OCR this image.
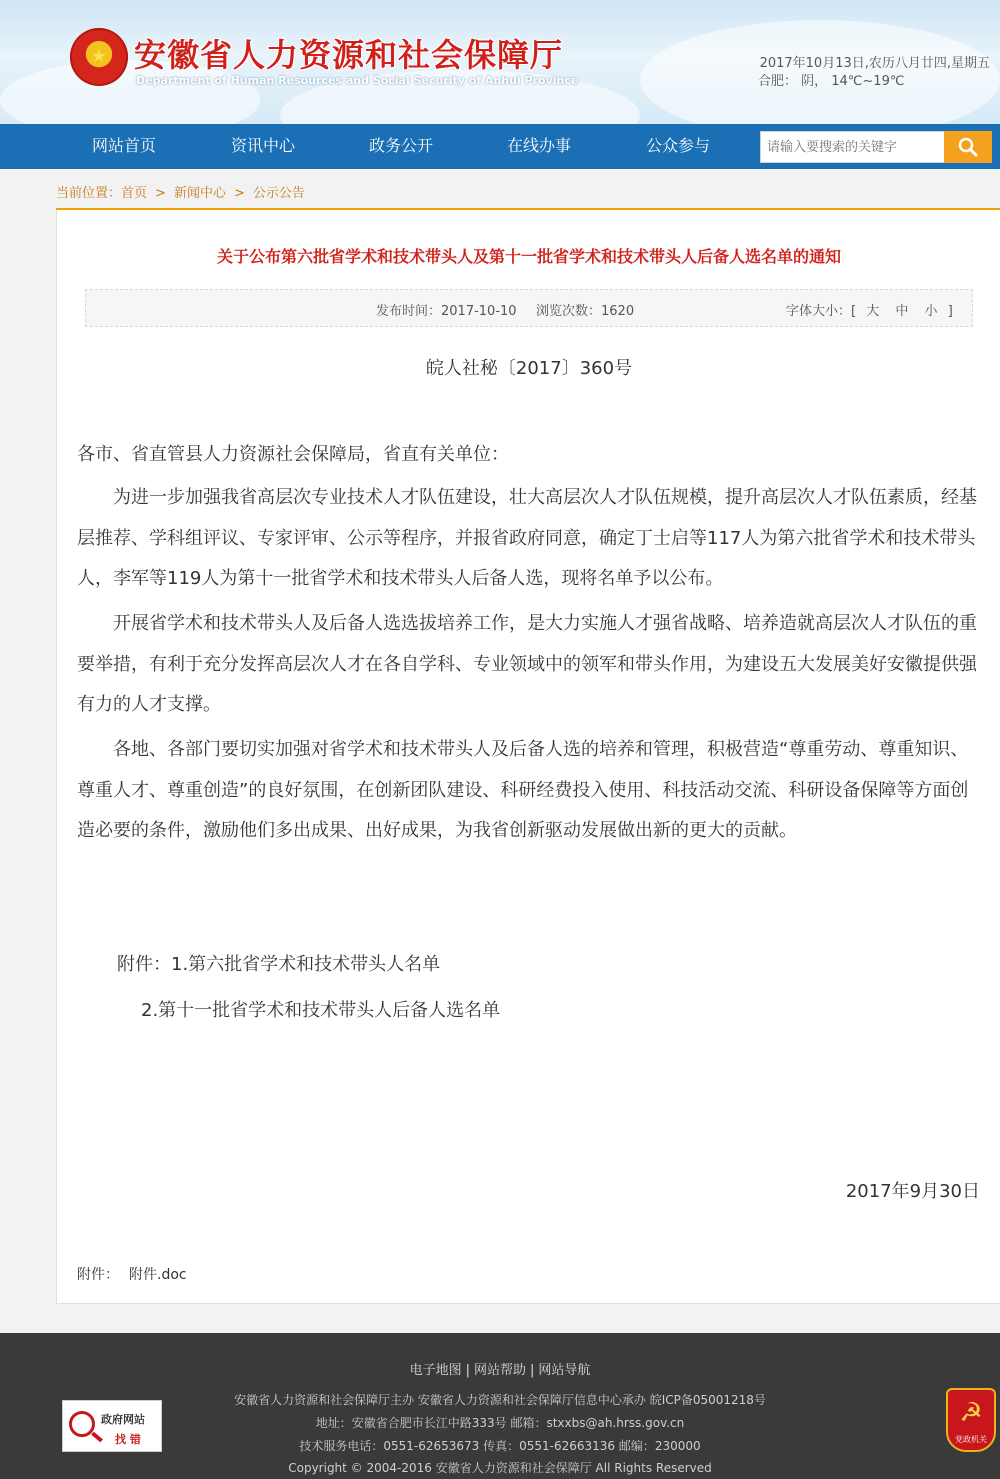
★ 安徽省人力资源和社会保障厅
Department of Human Resources and Social Security of Anhui Province
2017年10月13日,农历八月廿四,星期五
合肥： 阴， 14℃~19℃
网站首页	资讯中心	政务公开	在线办事	公众参与
请输入要搜索的关键字
当前位置：首页 > 新闻中心 > 公示公告
关于公布第六批省学术和技术带头人及第十一批省学术和技术带头人后备人选名单的通知
发布时间：2017-10-10 浏览次数：1620	字体大小：[ 大 中 小 ]
皖人社秘〔2017〕360号
各市、省直管县人力资源社会保障局，省直有关单位：
为进一步加强我省高层次专业技术人才队伍建设，壮大高层次人才队伍规模，提升高层次人才队伍素质，经基层推荐、学科组评议、专家评审、公示等程序，并报省政府同意，确定丁士启等117人为第六批省学术和技术带头人，李军等119人为第十一批省学术和技术带头人后备人选，现将名单予以公布。
开展省学术和技术带头人及后备人选选拔培养工作，是大力实施人才强省战略、培养造就高层次人才队伍的重要举措，有利于充分发挥高层次人才在各自学科、专业领域中的领军和带头作用，为建设五大发展美好安徽提供强有力的人才支撑。
各地、各部门要切实加强对省学术和技术带头人及后备人选的培养和管理，积极营造“尊重劳动、尊重知识、尊重人才、尊重创造”的良好氛围，在创新团队建设、科研经费投入使用、科技活动交流、科研设备保障等方面创造必要的条件，激励他们多出成果、出好成果，为我省创新驱动发展做出新的更大的贡献。
附件：1.第六批省学术和技术带头人名单
2.第十一批省学术和技术带头人后备人选名单
2017年9月30日
附件： 附件.doc
电子地图 | 网站帮助 | 网站导航
安徽省人力资源和社会保障厅主办 安徽省人力资源和社会保障厅信息中心承办 皖ICP备05001218号
地址：安徽省合肥市长江中路333号 邮箱：stxxbs@ah.hrss.gov.cn
技术服务电话：0551-62653673 传真：0551-62663136 邮编：230000
Copyright © 2004-2016 安徽省人力资源和社会保障厅 All Rights Reserved
政府网站
找 错
☭
党政机关
